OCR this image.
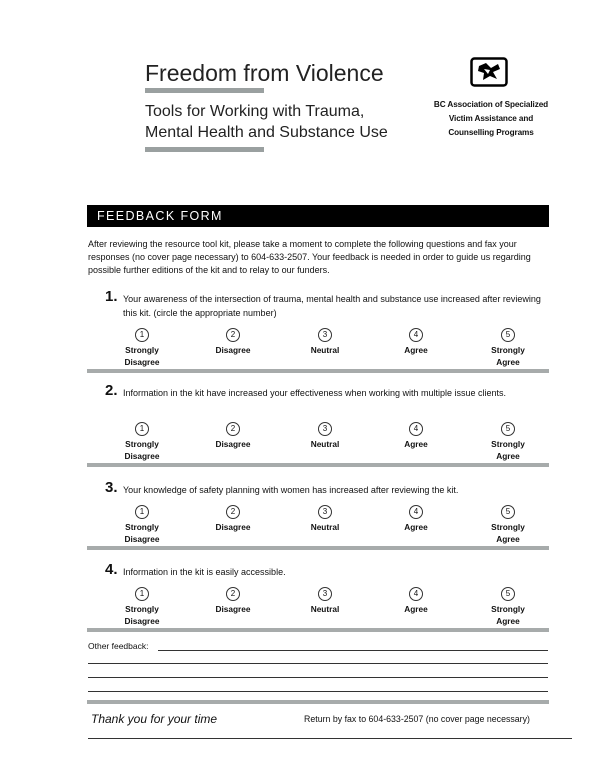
Freedom from Violence
Tools for Working with Trauma,
Mental Health and Substance Use
BC Association of Specialized
Victim Assistance and
Counselling Programs
FEEDBACK FORM
After reviewing the resource tool kit, please take a moment to complete the following questions and fax your responses (no cover page necessary) to 604-633-2507. Your feedback is needed in order to guide us regarding possible further editions of the kit and to relay to our funders.
1. Your awareness of the intersection of trauma, mental health and substance use increased after reviewing this kit. (circle the appropriate number)
2. Information in the kit have increased your effectiveness when working with multiple issue clients.
3. Your knowledge of safety planning with women has increased after reviewing the kit.
4. Information in the kit is easily accessible.
Other feedback:
Thank you for your time	Return by fax to 604-633-2507 (no cover page necessary)
1
Strongly
Disagree
2
Disagree
3
Neutral
4
Agree
5
Strongly
Agree
1
Strongly
Disagree
2
Disagree
3
Neutral
4
Agree
5
Strongly
Agree
1
Strongly
Disagree
2
Disagree
3
Neutral
4
Agree
5
Strongly
Agree
1
Strongly
Disagree
2
Disagree
3
Neutral
4
Agree
5
Strongly
Agree
